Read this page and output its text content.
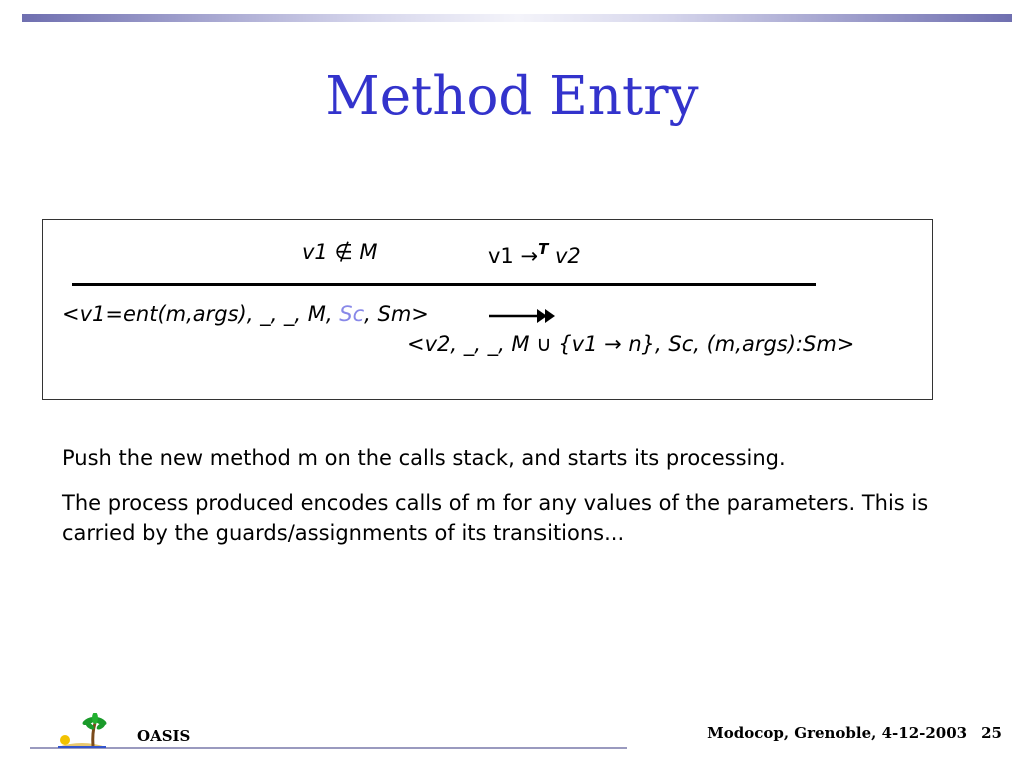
Method Entry
v1 ∉ M	v1 →$^T$ v2
<v1=ent(m,args), _, _, M, Sc, Sm>
<v2, _, _, M ∪ {v1 → n}, Sc, (m,args):Sm>
Push the new method m on the calls stack, and starts its processing.
The process produced encodes calls of m for any values of the parameters. This is carried by the guards/assignments of its transitions...
OASIS	Modocop, Grenoble, 4-12-2003 25
